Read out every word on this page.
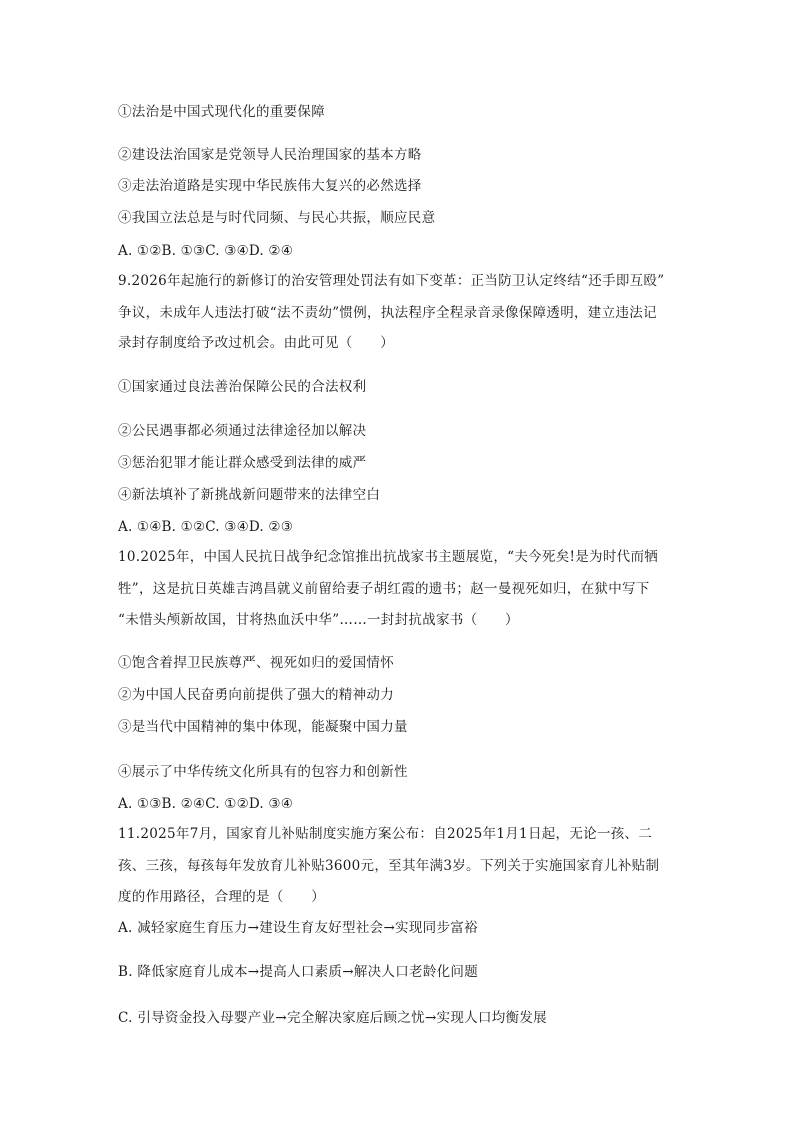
①法治是中国式现代化的重要保障
②建设法治国家是党领导人民治理国家的基本方略
③走法治道路是实现中华民族伟大复兴的必然选择
④我国立法总是与时代同频、与民心共振，顺应民意
A. ①②B. ①③C. ③④D. ②④
9.2026年起施行的新修订的治安管理处罚法有如下变革：正当防卫认定终结“还手即互殴”
争议，未成年人违法打破“法不责幼”惯例，执法程序全程录音录像保障透明，建立违法记
录封存制度给予改过机会。由此可见（　　）
①国家通过良法善治保障公民的合法权利
②公民遇事都必须通过法律途径加以解决
③惩治犯罪才能让群众感受到法律的威严
④新法填补了新挑战新问题带来的法律空白
A. ①④B. ①②C. ③④D. ②③
10.2025年，中国人民抗日战争纪念馆推出抗战家书主题展览，“夫今死矣!是为时代而牺
牲”，这是抗日英雄吉鸿昌就义前留给妻子胡红霞的遗书；赵一曼视死如归，在狱中写下
“未惜头颅新故国，甘将热血沃中华”……一封封抗战家书（　　）
①饱含着捍卫民族尊严、视死如归的爱国情怀
②为中国人民奋勇向前提供了强大的精神动力
③是当代中国精神的集中体现，能凝聚中国力量
④展示了中华传统文化所具有的包容力和创新性
A. ①③B. ②④C. ①②D. ③④
11.2025年7月，国家育儿补贴制度实施方案公布：自2025年1月1日起，无论一孩、二
孩、三孩，每孩每年发放育儿补贴3600元，至其年满3岁。下列关于实施国家育儿补贴制
度的作用路径，合理的是（　　）
A. 减轻家庭生育压力→建设生育友好型社会→实现同步富裕
B. 降低家庭育儿成本→提高人口素质→解决人口老龄化问题
C. 引导资金投入母婴产业→完全解决家庭后顾之忧→实现人口均衡发展
